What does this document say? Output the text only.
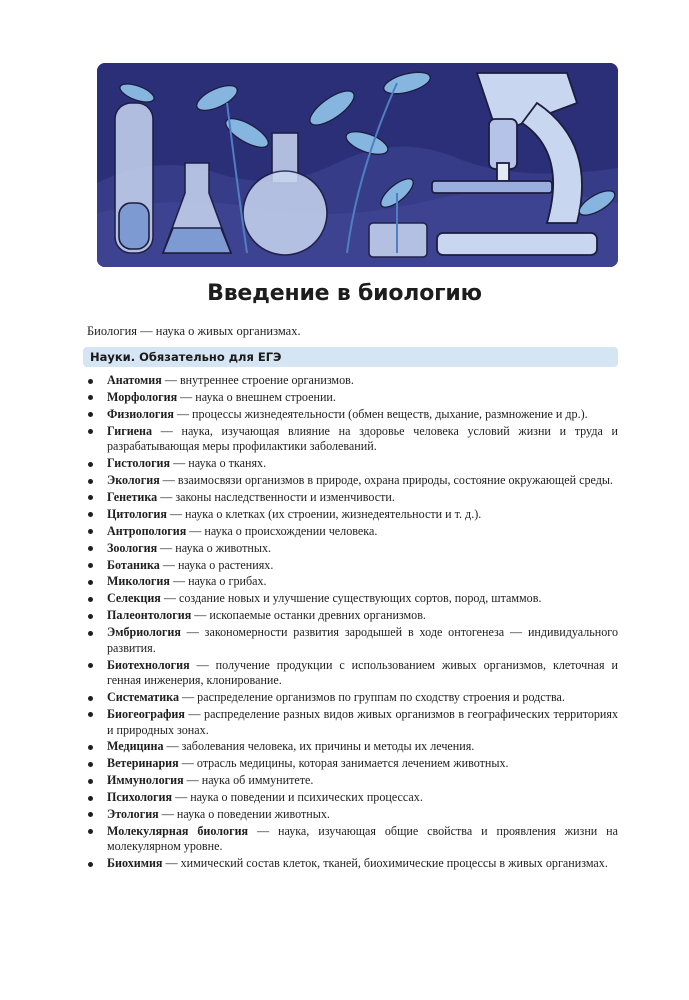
Введение в биологию
Биология — наука о живых организмах.
Науки. Обязательно для ЕГЭ
Анатомия — внутреннее строение организмов.
Морфология — наука о внешнем строении.
Физиология — процессы жизнедеятельности (обмен веществ, дыхание, размножение и др.).
Гигиена — наука, изучающая влияние на здоровье человека условий жизни и труда и разрабатывающая меры профилактики заболеваний.
Гистология — наука о тканях.
Экология — взаимосвязи организмов в природе, охрана природы, состояние окружающей среды.
Генетика — законы наследственности и изменчивости.
Цитология — наука о клетках (их строении, жизнедеятельности и т. д.).
Антропология — наука о происхождении человека.
Зоология — наука о животных.
Ботаника — наука о растениях.
Микология — наука о грибах.
Селекция — создание новых и улучшение существующих сортов, пород, штаммов.
Палеонтология — ископаемые останки древних организмов.
Эмбриология — закономерности развития зародышей в ходе онтогенеза — индивидуального развития.
Биотехнология — получение продукции с использованием живых организмов, клеточная и генная инженерия, клонирование.
Систематика — распределение организмов по группам по сходству строения и родства.
Биогеография — распределение разных видов живых организмов в географических территориях и природных зонах.
Медицина — заболевания человека, их причины и методы их лечения.
Ветеринария — отрасль медицины, которая занимается лечением животных.
Иммунология — наука об иммунитете.
Психология — наука о поведении и психических процессах.
Этология — наука о поведении животных.
Молекулярная биология — наука, изучающая общие свойства и проявления жизни на молекулярном уровне.
Биохимия — химический состав клеток, тканей, биохимические процессы в живых организмах.
